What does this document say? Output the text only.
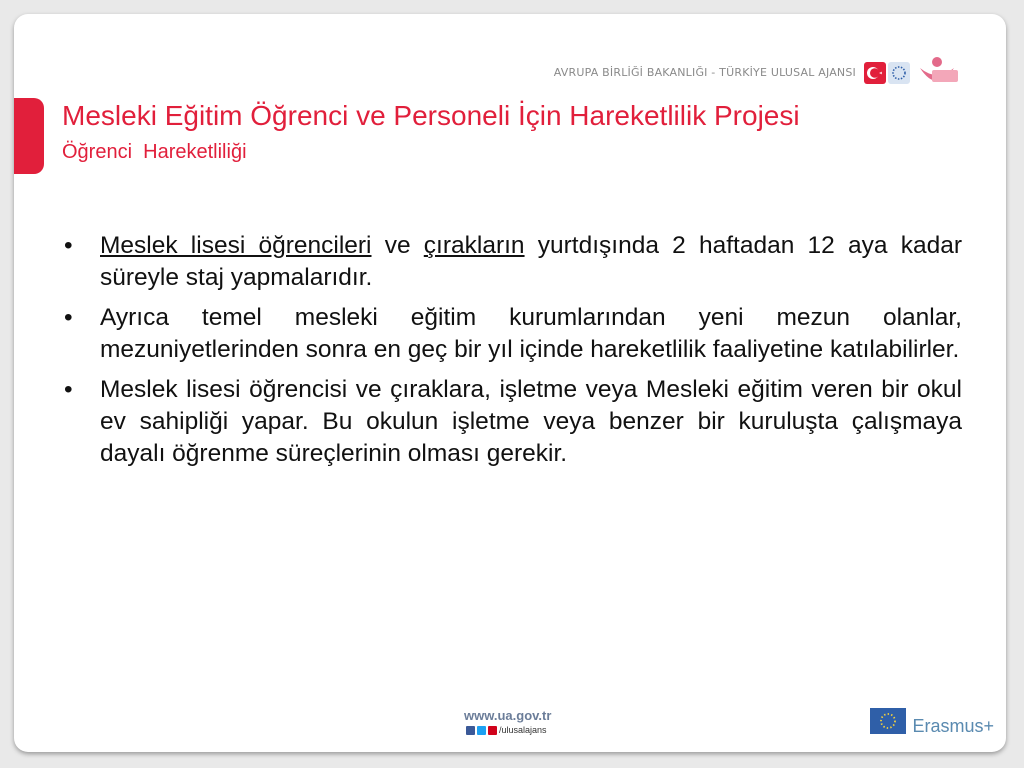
AVRUPA BİRLİĞİ BAKANLIĞI - TÜRKİYE ULUSAL AJANSI
Mesleki Eğitim Öğrenci ve Personeli İçin Hareketlilik Projesi
Öğrenci  Hareketliliği
• Meslek lisesi öğrencileri ve çırakların yurtdışında 2 haftadan 12 aya kadar süreyle staj yapmalarıdır.
• Ayrıca temel mesleki eğitim kurumlarından yeni mezun olanlar, mezuniyetlerinden sonra en geç bir yıl içinde hareketlilik faaliyetine katılabilirler.
• Meslek lisesi öğrencisi ve çıraklara, işletme veya Mesleki eğitim veren bir okul ev sahipliği yapar. Bu okulun işletme veya benzer bir kuruluşta çalışmaya dayalı öğrenme süreçlerinin olması gerekir.
www.ua.gov.tr
/ulusalajans	Erasmus+
